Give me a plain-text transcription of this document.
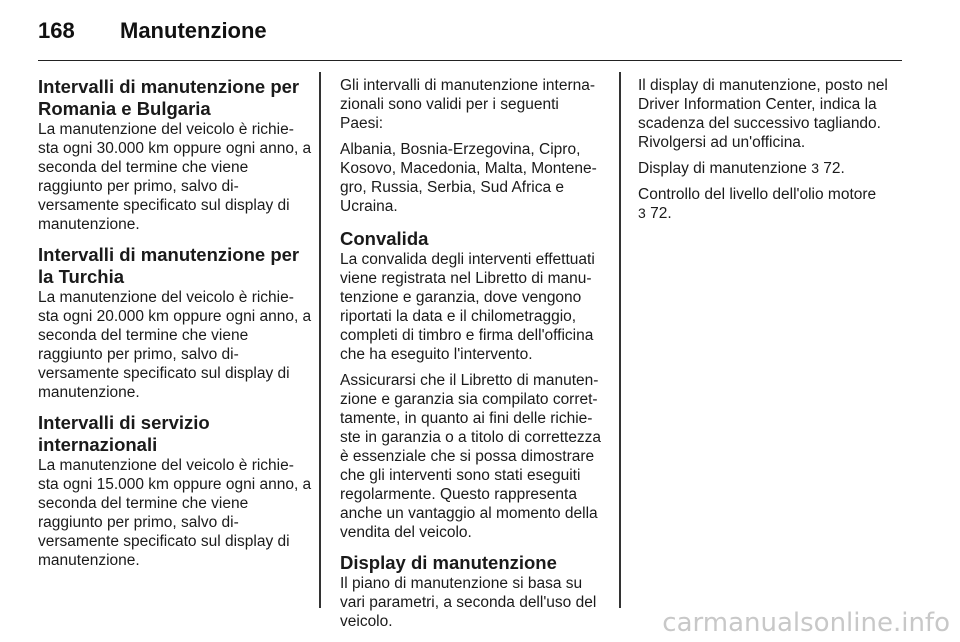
168 Manutenzione
Intervalli di manutenzione per Romania e Bulgaria

La manutenzione del veicolo è richie-sta ogni 30.000 km oppure ogni anno, a seconda del termine che viene raggiunto per primo, salvo di-versamente specificato sul display di manutenzione.

Intervalli di manutenzione per la Turchia

La manutenzione del veicolo è richie-sta ogni 20.000 km oppure ogni anno, a seconda del termine che viene raggiunto per primo, salvo di-versamente specificato sul display di manutenzione.

Intervalli di servizio internazionali

La manutenzione del veicolo è richie-sta ogni 15.000 km oppure ogni anno, a seconda del termine che viene raggiunto per primo, salvo di-versamente specificato sul display di manutenzione.

Gli intervalli di manutenzione interna-zionali sono validi per i seguenti Paesi:

Albania, Bosnia-Erzegovina, Cipro, Kosovo, Macedonia, Malta, Montene-gro, Russia, Serbia, Sud Africa e Ucraina.

Convalida

La convalida degli interventi effettuati viene registrata nel Libretto di manu-tenzione e garanzia, dove vengono riportati la data e il chilometraggio, completi di timbro e firma dell'officina che ha eseguito l'intervento.

Assicurarsi che il Libretto di manuten-zione e garanzia sia compilato corret-tamente, in quanto ai fini delle richie-ste in garanzia o a titolo di correttezza è essenziale che si possa dimostrare che gli interventi sono stati eseguiti regolarmente. Questo rappresenta anche un vantaggio al momento della vendita del veicolo.

Display di manutenzione

Il piano di manutenzione si basa su vari parametri, a seconda dell'uso del veicolo.

Il display di manutenzione, posto nel Driver Information Center, indica la scadenza del successivo tagliando. Rivolgersi ad un'officina.

Display di manutenzione 3 72.

Controllo del livello dell'olio motore
3 72.

carmanualsonline.info
